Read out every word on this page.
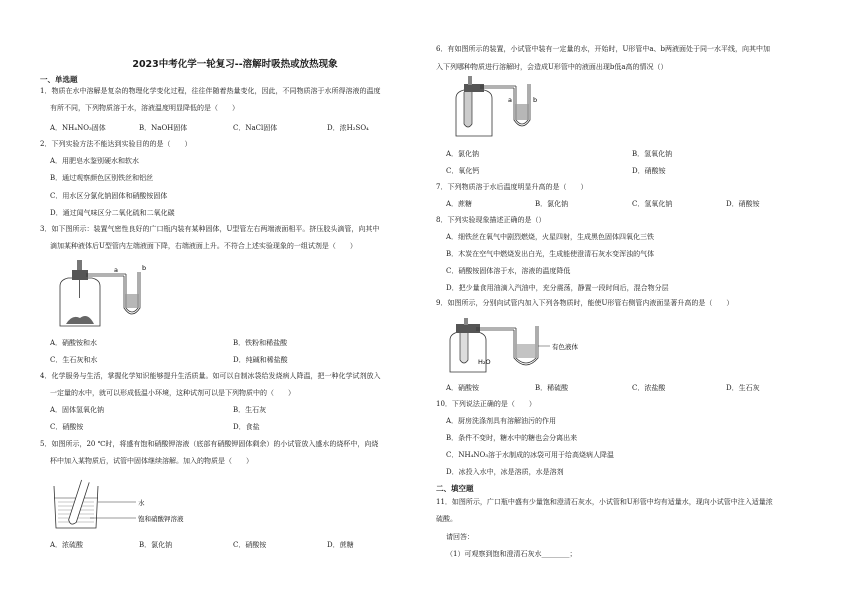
2023中考化学一轮复习--溶解时吸热或放热现象
一、单选题
1．物质在水中溶解是复杂的物理化学变化过程，往往伴随着热量变化，因此，不同物质溶于水所得溶液的温度
有所不同，下列物质溶于水，溶液温度明显降低的是（　　）
A．NH₄NO₃固体	B．NaOH固体	C．NaCl固体	D．浓H₂SO₄
2．下列实验方法不能达到实验目的的是（　　）
A．用肥皂水鉴别硬水和软水
B．通过观察颜色区别铁丝和铝丝
C．用水区分氯化钠固体和硝酸铵固体
D．通过闻气味区分二氧化硫和二氧化碳
3．如下图所示：装置气密性良好的广口瓶内装有某种固体，U型管左右两端液面相平。挤压胶头滴管，向其中
滴加某种液体后U型管内左端液面下降，右端液面上升。不符合上述实验现象的一组试剂是（　　）
a	b
A．硝酸铵和水	B．铁粉和稀盐酸
C．生石灰和水	D．纯碱和稀盐酸
4．化学服务与生活，掌握化学知识能够提升生活质量。如可以自制冰袋给发烧病人降温，把一种化学试剂放入
一定量的水中，就可以形成低温小环境，这种试剂可以是下列物质中的（　　）
A．固体氢氧化钠	B．生石灰
C．硝酸铵	D．食盐
5．如图所示，20 ℃时，将盛有饱和硝酸钾溶液（底部有硝酸钾固体剩余）的小试管放入盛水的烧杯中，向烧
杯中加入某物质后，试管中固体继续溶解。加入的物质是（　　）
水
饱和硝酸钾溶液
A．浓硫酸	B．氯化钠	C．硝酸铵	D．蔗糖
6．有如图所示的装置，小试管中装有一定量的水，开始时，U形管中a、b两液面处于同一水平线，向其中加
入下列哪种物质进行溶解时，会造成U形管中的液面出现b低a高的情况（）
a	b
A．氯化钠	B．氢氧化钠
C．氧化钙	D．硝酸铵
7．下列物质溶于水后温度明显升高的是（　　）
A．蔗糖	B．氯化钠	C．氢氧化钠	D．硝酸铵
8．下列实验现象描述正确的是（）
A．细铁丝在氧气中剧烈燃烧，火星四射，生成黑色固体四氧化三铁
B．木炭在空气中燃烧发出白光，生成能使澄清石灰水变浑浊的气体
C．硝酸铵固体溶于水，溶液的温度降低
D．把少量食用油滴入汽油中，充分震荡，静置一段时间后，混合物分层
9．如图所示，分别向试管内加入下列各物质时，能使U形管右侧管内液面显著升高的是（　　）
H₂O
有色液体
A．硝酸铵	B．稀硫酸	C．浓盐酸	D．生石灰
10．下列说法正确的是（　　）
A．厨房洗涤剂具有溶解油污的作用
B．条件不变时，糖水中的糖也会分离出来
C．NH₄NO₃溶于水制成的冰袋可用于给高烧病人降温
D．冰投入水中，冰是溶质，水是溶剂
二、填空题
11．如图所示，广口瓶中盛有少量饱和澄清石灰水，小试管和U形管中均有适量水，现向小试管中注入适量浓
硫酸。
请回答：
（1）可观察到饱和澄清石灰水________；
